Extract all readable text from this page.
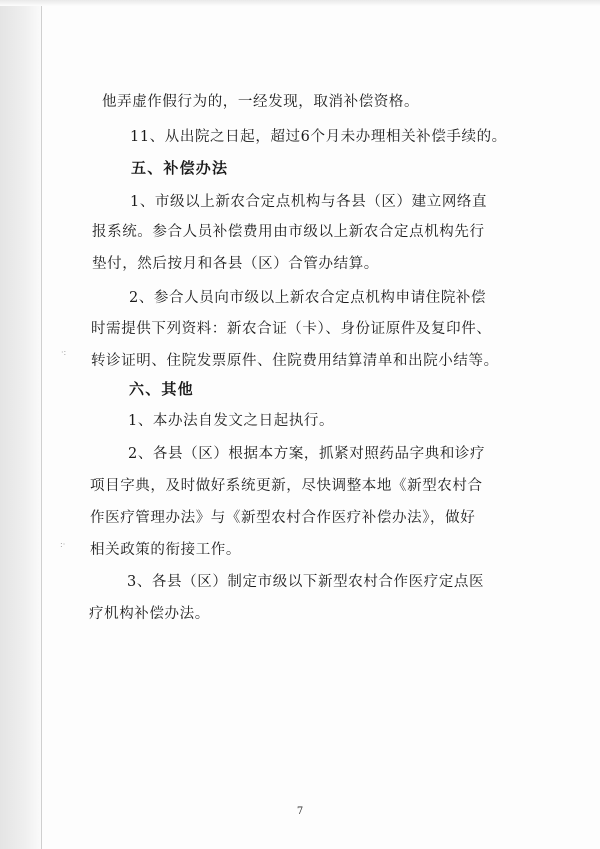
他弄虚作假行为的，一经发现，取消补偿资格。
11、从出院之日起，超过6个月未办理相关补偿手续的。
五、补偿办法
1、市级以上新农合定点机构与各县（区）建立网络直
报系统。参合人员补偿费用由市级以上新农合定点机构先行
垫付，然后按月和各县（区）合管办结算。
2、参合人员向市级以上新农合定点机构申请住院补偿
时需提供下列资料：新农合证（卡）、身份证原件及复印件、
转诊证明、住院发票原件、住院费用结算清单和出院小结等。
六、其他
1、本办法自发文之日起执行。
2、各县（区）根据本方案，抓紧对照药品字典和诊疗
项目字典，及时做好系统更新，尽快调整本地《新型农村合
作医疗管理办法》与《新型农村合作医疗补偿办法》，做好
相关政策的衔接工作。
3、各县（区）制定市级以下新型农村合作医疗定点医
疗机构补偿办法。
·:
:·
7
